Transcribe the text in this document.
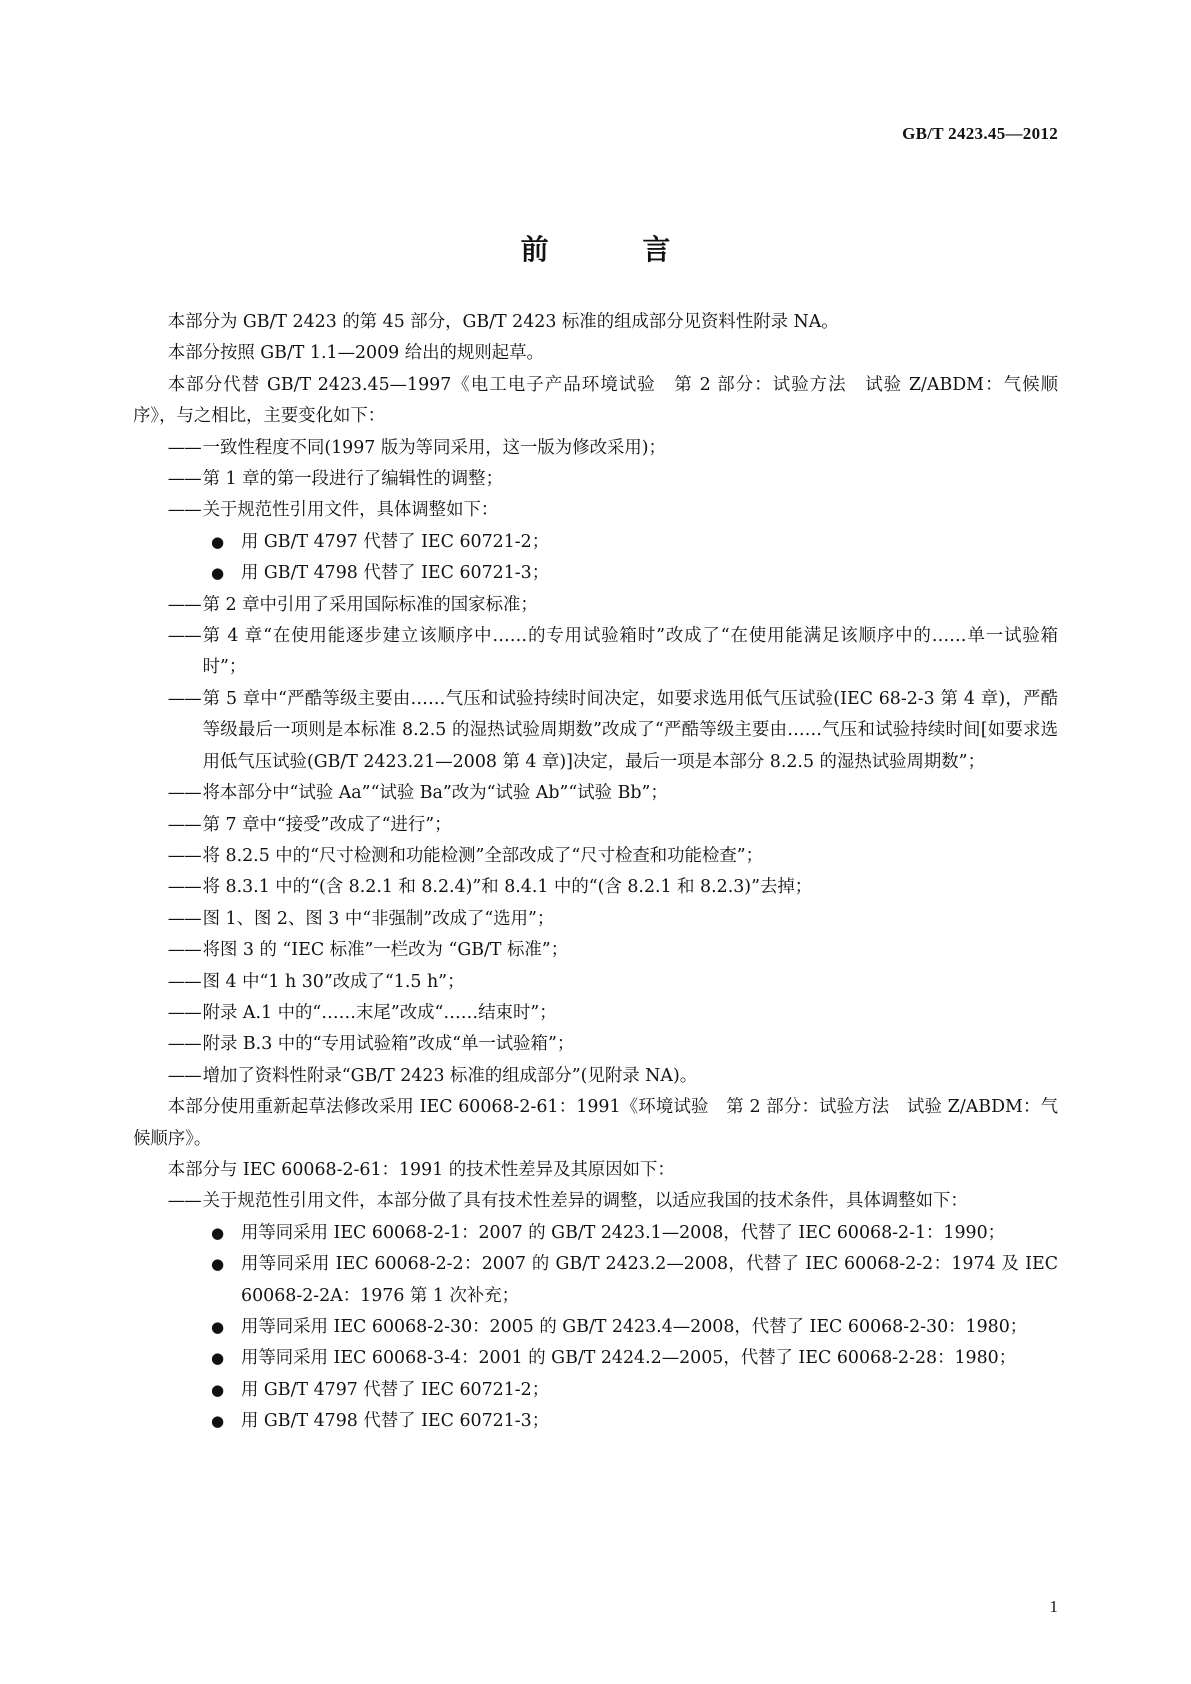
GB/T 2423.45—2012
前 言

本部分为 GB/T 2423 的第 45 部分，GB/T 2423 标准的组成部分见资料性附录 NA。

本部分按照 GB/T 1.1—2009 给出的规则起草。

本部分代替 GB/T 2423.45—1997《电工电子产品环境试验　第 2 部分：试验方法　试验 Z/ABDM：气候顺序》，与之相比，主要变化如下：

—— 一致性程度不同(1997 版为等同采用，这一版为修改采用)；
—— 第 1 章的第一段进行了编辑性的调整；
—— 关于规范性引用文件，具体调整如下：
● 用 GB/T 4797 代替了 IEC 60721-2；
● 用 GB/T 4798 代替了 IEC 60721-3；
—— 第 2 章中引用了采用国际标准的国家标准；
—— 第 4 章“在使用能逐步建立该顺序中……的专用试验箱时”改成了“在使用能满足该顺序中的……单一试验箱时”；
—— 第 5 章中“严酷等级主要由……气压和试验持续时间决定，如要求选用低气压试验(IEC 68-2-3 第 4 章)，严酷等级最后一项则是本标准 8.2.5 的湿热试验周期数”改成了“严酷等级主要由……气压和试验持续时间[如要求选用低气压试验(GB/T 2423.21—2008 第 4 章)]决定，最后一项是本部分 8.2.5 的湿热试验周期数”；
—— 将本部分中“试验 Aa”“试验 Ba”改为“试验 Ab”“试验 Bb”；
—— 第 7 章中“接受”改成了“进行”；
—— 将 8.2.5 中的“尺寸检测和功能检测”全部改成了“尺寸检查和功能检查”；
—— 将 8.3.1 中的“(含 8.2.1 和 8.2.4)”和 8.4.1 中的“(含 8.2.1 和 8.2.3)”去掉；
—— 图 1、图 2、图 3 中“非强制”改成了“选用”；
—— 将图 3 的 “IEC 标准”一栏改为 “GB/T 标准”；
—— 图 4 中“1 h 30”改成了“1.5 h”；
—— 附录 A.1 中的“……末尾”改成“……结束时”；
—— 附录 B.3 中的“专用试验箱”改成“单一试验箱”；
—— 增加了资料性附录“GB/T 2423 标准的组成部分”(见附录 NA)。

本部分使用重新起草法修改采用 IEC 60068-2-61：1991《环境试验　第 2 部分：试验方法　试验 Z/ABDM：气候顺序》。

本部分与 IEC 60068-2-61：1991 的技术性差异及其原因如下：

—— 关于规范性引用文件，本部分做了具有技术性差异的调整，以适应我国的技术条件，具体调整如下：
● 用等同采用 IEC 60068-2-1：2007 的 GB/T 2423.1—2008，代替了 IEC 60068-2-1：1990；
● 用等同采用 IEC 60068-2-2：2007 的 GB/T 2423.2—2008，代替了 IEC 60068-2-2：1974 及 IEC 60068-2-2A：1976 第 1 次补充；
● 用等同采用 IEC 60068-2-30：2005 的 GB/T 2423.4—2008，代替了 IEC 60068-2-30：1980；
● 用等同采用 IEC 60068-3-4：2001 的 GB/T 2424.2—2005，代替了 IEC 60068-2-28：1980；
● 用 GB/T 4797 代替了 IEC 60721-2；
● 用 GB/T 4798 代替了 IEC 60721-3；
1
